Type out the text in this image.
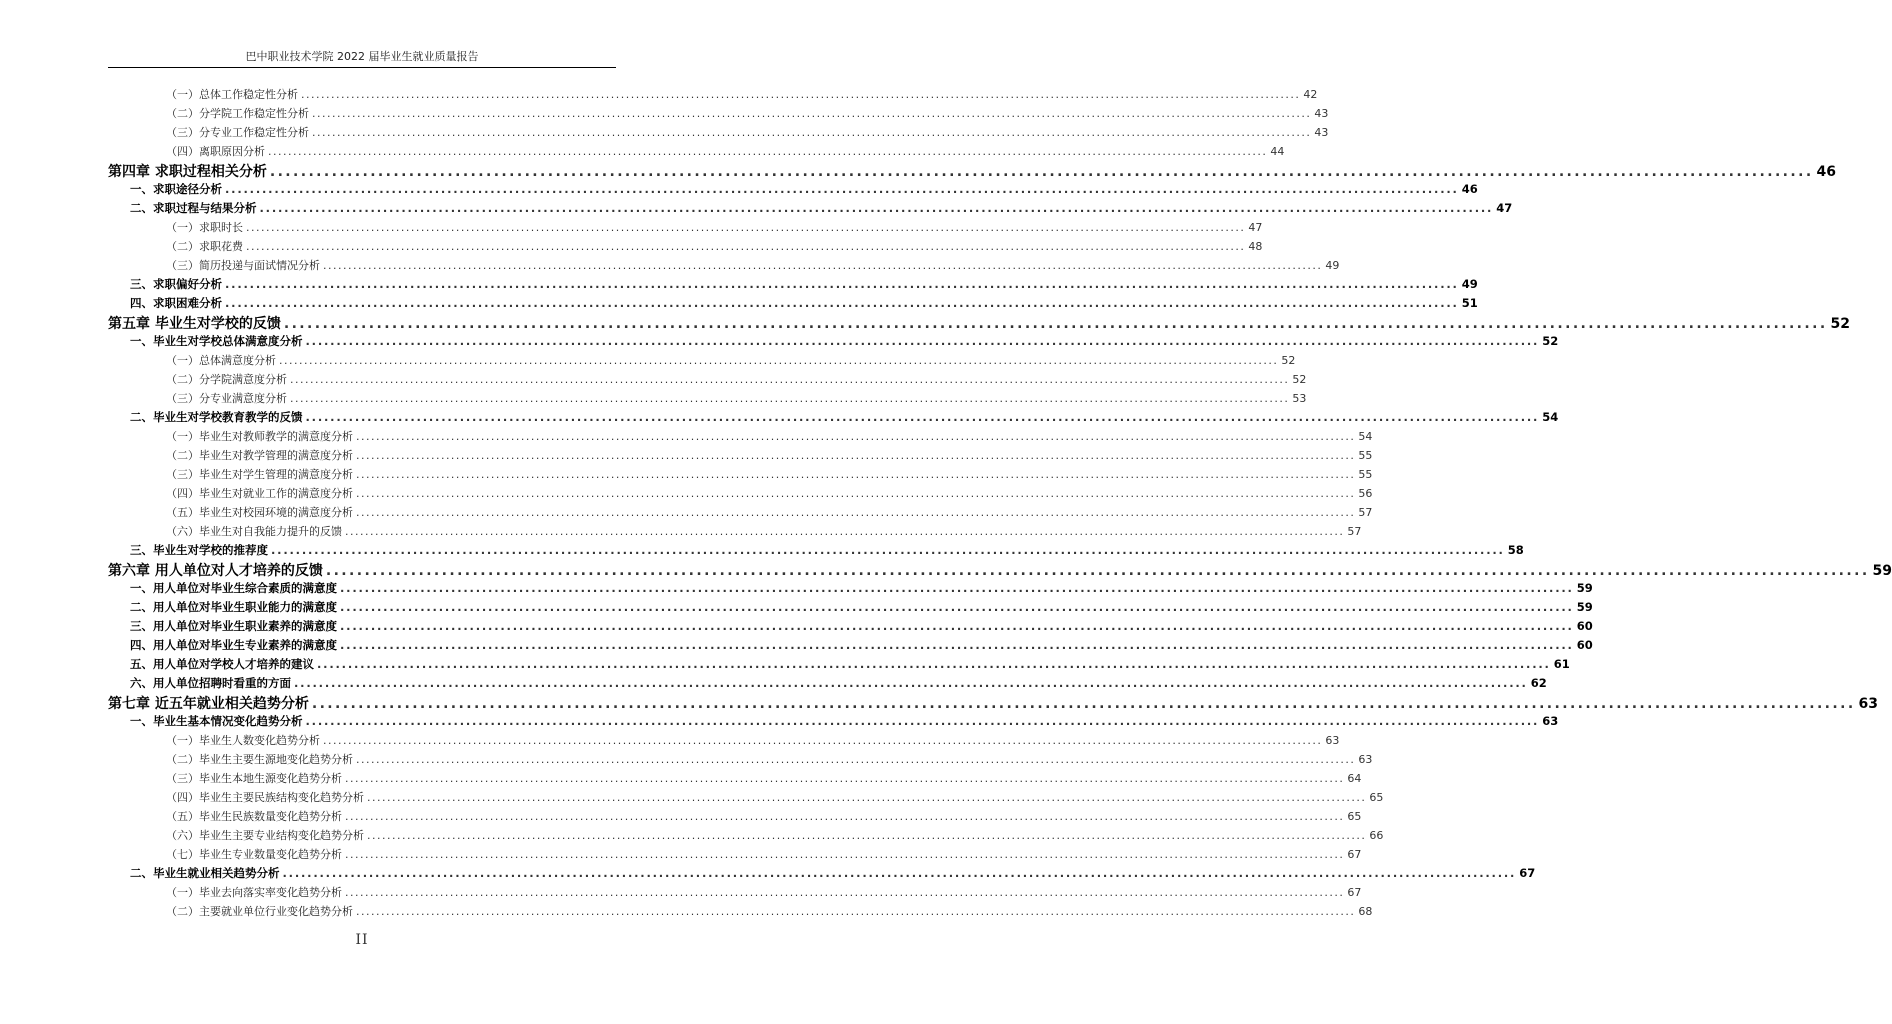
巴中职业技术学院 2022 届毕业生就业质量报告
（一）总体工作稳定性分析 ........................................................................................................................................................................................................ 42
（二）分学院工作稳定性分析 ........................................................................................................................................................................................................ 43
（三）分专业工作稳定性分析 ........................................................................................................................................................................................................ 43
（四）离职原因分析 ........................................................................................................................................................................................................ 44
第四章 求职过程相关分析 ........................................................................................................................................................................................................ 46
一、求职途径分析 ........................................................................................................................................................................................................ 46
二、求职过程与结果分析 ........................................................................................................................................................................................................ 47
（一）求职时长 ........................................................................................................................................................................................................ 47
（二）求职花费 ........................................................................................................................................................................................................ 48
（三）简历投递与面试情况分析 ........................................................................................................................................................................................................ 49
三、求职偏好分析 ........................................................................................................................................................................................................ 49
四、求职困难分析 ........................................................................................................................................................................................................ 51
第五章 毕业生对学校的反馈 ........................................................................................................................................................................................................ 52
一、毕业生对学校总体满意度分析 ........................................................................................................................................................................................................ 52
（一）总体满意度分析 ........................................................................................................................................................................................................ 52
（二）分学院满意度分析 ........................................................................................................................................................................................................ 52
（三）分专业满意度分析 ........................................................................................................................................................................................................ 53
二、毕业生对学校教育教学的反馈 ........................................................................................................................................................................................................ 54
（一）毕业生对教师教学的满意度分析 ........................................................................................................................................................................................................ 54
（二）毕业生对教学管理的满意度分析 ........................................................................................................................................................................................................ 55
（三）毕业生对学生管理的满意度分析 ........................................................................................................................................................................................................ 55
（四）毕业生对就业工作的满意度分析 ........................................................................................................................................................................................................ 56
（五）毕业生对校园环境的满意度分析 ........................................................................................................................................................................................................ 57
（六）毕业生对自我能力提升的反馈 ........................................................................................................................................................................................................ 57
三、毕业生对学校的推荐度 ........................................................................................................................................................................................................ 58
第六章 用人单位对人才培养的反馈 ........................................................................................................................................................................................................ 59
一、用人单位对毕业生综合素质的满意度 ........................................................................................................................................................................................................ 59
二、用人单位对毕业生职业能力的满意度 ........................................................................................................................................................................................................ 59
三、用人单位对毕业生职业素养的满意度 ........................................................................................................................................................................................................ 60
四、用人单位对毕业生专业素养的满意度 ........................................................................................................................................................................................................ 60
五、用人单位对学校人才培养的建议 ........................................................................................................................................................................................................ 61
六、用人单位招聘时看重的方面 ........................................................................................................................................................................................................ 62
第七章 近五年就业相关趋势分析 ........................................................................................................................................................................................................ 63
一、毕业生基本情况变化趋势分析 ........................................................................................................................................................................................................ 63
（一）毕业生人数变化趋势分析 ........................................................................................................................................................................................................ 63
（二）毕业生主要生源地变化趋势分析 ........................................................................................................................................................................................................ 63
（三）毕业生本地生源变化趋势分析 ........................................................................................................................................................................................................ 64
（四）毕业生主要民族结构变化趋势分析 ........................................................................................................................................................................................................ 65
（五）毕业生民族数量变化趋势分析 ........................................................................................................................................................................................................ 65
（六）毕业生主要专业结构变化趋势分析 ........................................................................................................................................................................................................ 66
（七）毕业生专业数量变化趋势分析 ........................................................................................................................................................................................................ 67
二、毕业生就业相关趋势分析 ........................................................................................................................................................................................................ 67
（一）毕业去向落实率变化趋势分析 ........................................................................................................................................................................................................ 67
（二）主要就业单位行业变化趋势分析 ........................................................................................................................................................................................................ 68
II
